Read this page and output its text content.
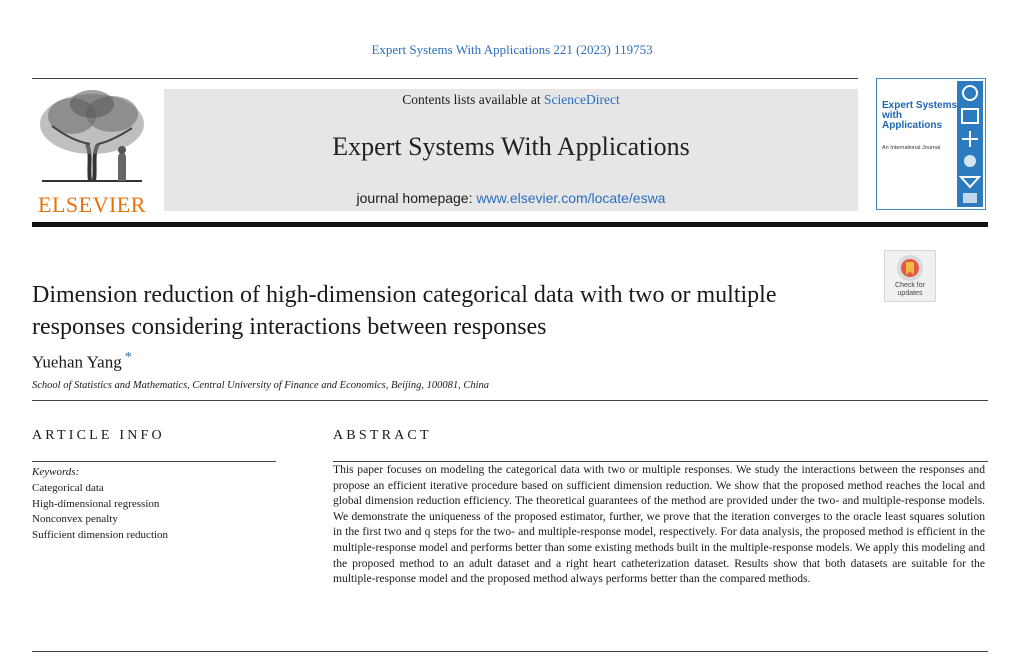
Expert Systems With Applications 221 (2023) 119753
ELSEVIER
Contents lists available at ScienceDirect
Expert Systems With Applications
journal homepage: www.elsevier.com/locate/eswa
Expert Systems with Applications
An International Journal
Check for updates
Dimension reduction of high-dimension categorical data with two or multiple responses considering interactions between responses
Yuehan Yang *
School of Statistics and Mathematics, Central University of Finance and Economics, Beijing, 100081, China
ARTICLE INFO
Keywords:
Categorical data
High-dimensional regression
Nonconvex penalty
Sufficient dimension reduction
ABSTRACT
This paper focuses on modeling the categorical data with two or multiple responses. We study the interactions between the responses and propose an efficient iterative procedure based on sufficient dimension reduction. We show that the proposed method reaches the local and global dimension reduction efficiency. The theoretical guarantees of the method are provided under the two- and multiple-response models. We demonstrate the uniqueness of the proposed estimator, further, we prove that the iteration converges to the oracle least squares solution in the first two and q steps for the two- and multiple-response model, respectively. For data analysis, the proposed method is efficient in the multiple-response model and performs better than some existing methods built in the multiple-response models. We apply this modeling and the proposed method to an adult dataset and a right heart catheterization dataset. Results show that both datasets are suitable for the multiple-response model and the proposed method always performs better than the compared methods.
